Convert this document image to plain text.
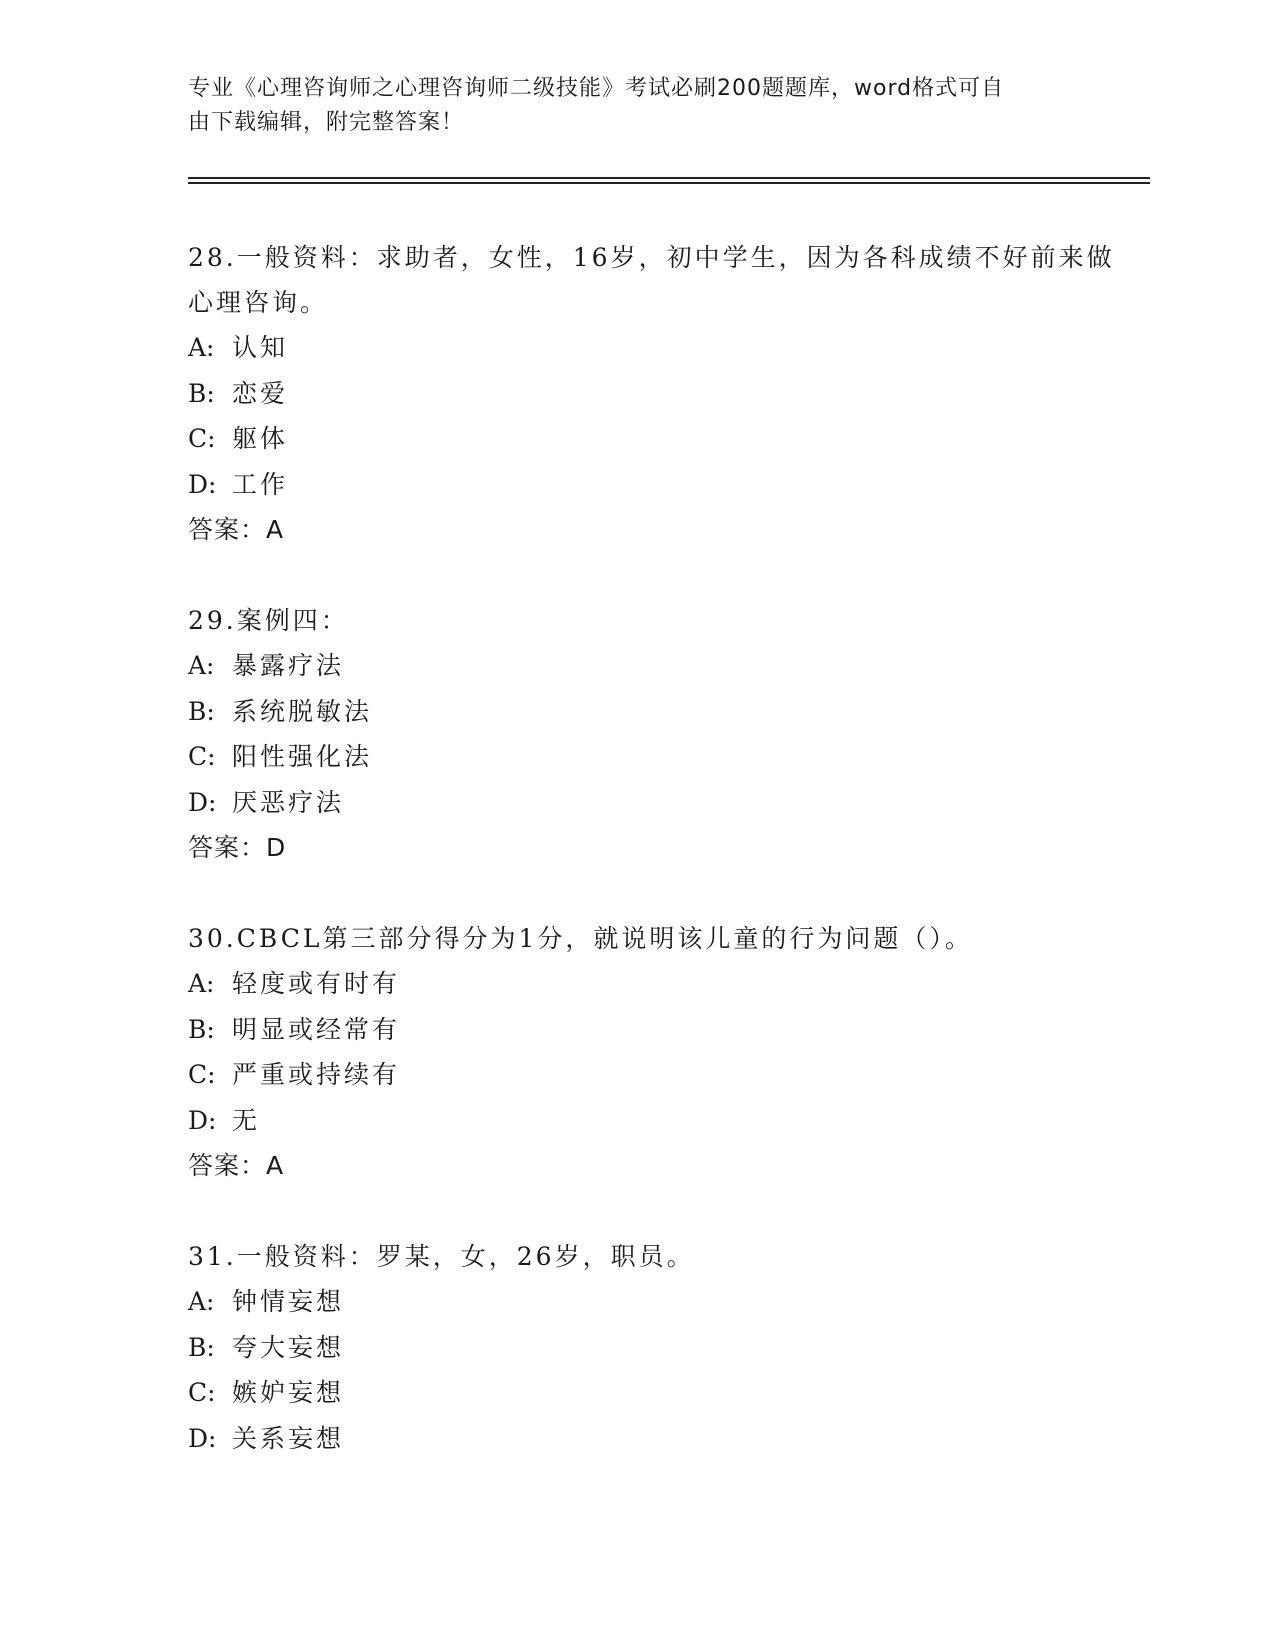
专业《心理咨询师之心理咨询师二级技能》考试必刷200题题库，word格式可自
由下载编辑，附完整答案！
28.一般资料：求助者，女性，16岁，初中学生，因为各科成绩不好前来做心理咨询。
A: 认知
B: 恋爱
C: 躯体
D: 工作
答案：A
29.案例四：
A: 暴露疗法
B: 系统脱敏法
C: 阳性强化法
D: 厌恶疗法
答案：D
30.CBCL第三部分得分为1分，就说明该儿童的行为问题（）。
A: 轻度或有时有
B: 明显或经常有
C: 严重或持续有
D: 无
答案：A
31.一般资料：罗某，女，26岁，职员。
A: 钟情妄想
B: 夸大妄想
C: 嫉妒妄想
D: 关系妄想
